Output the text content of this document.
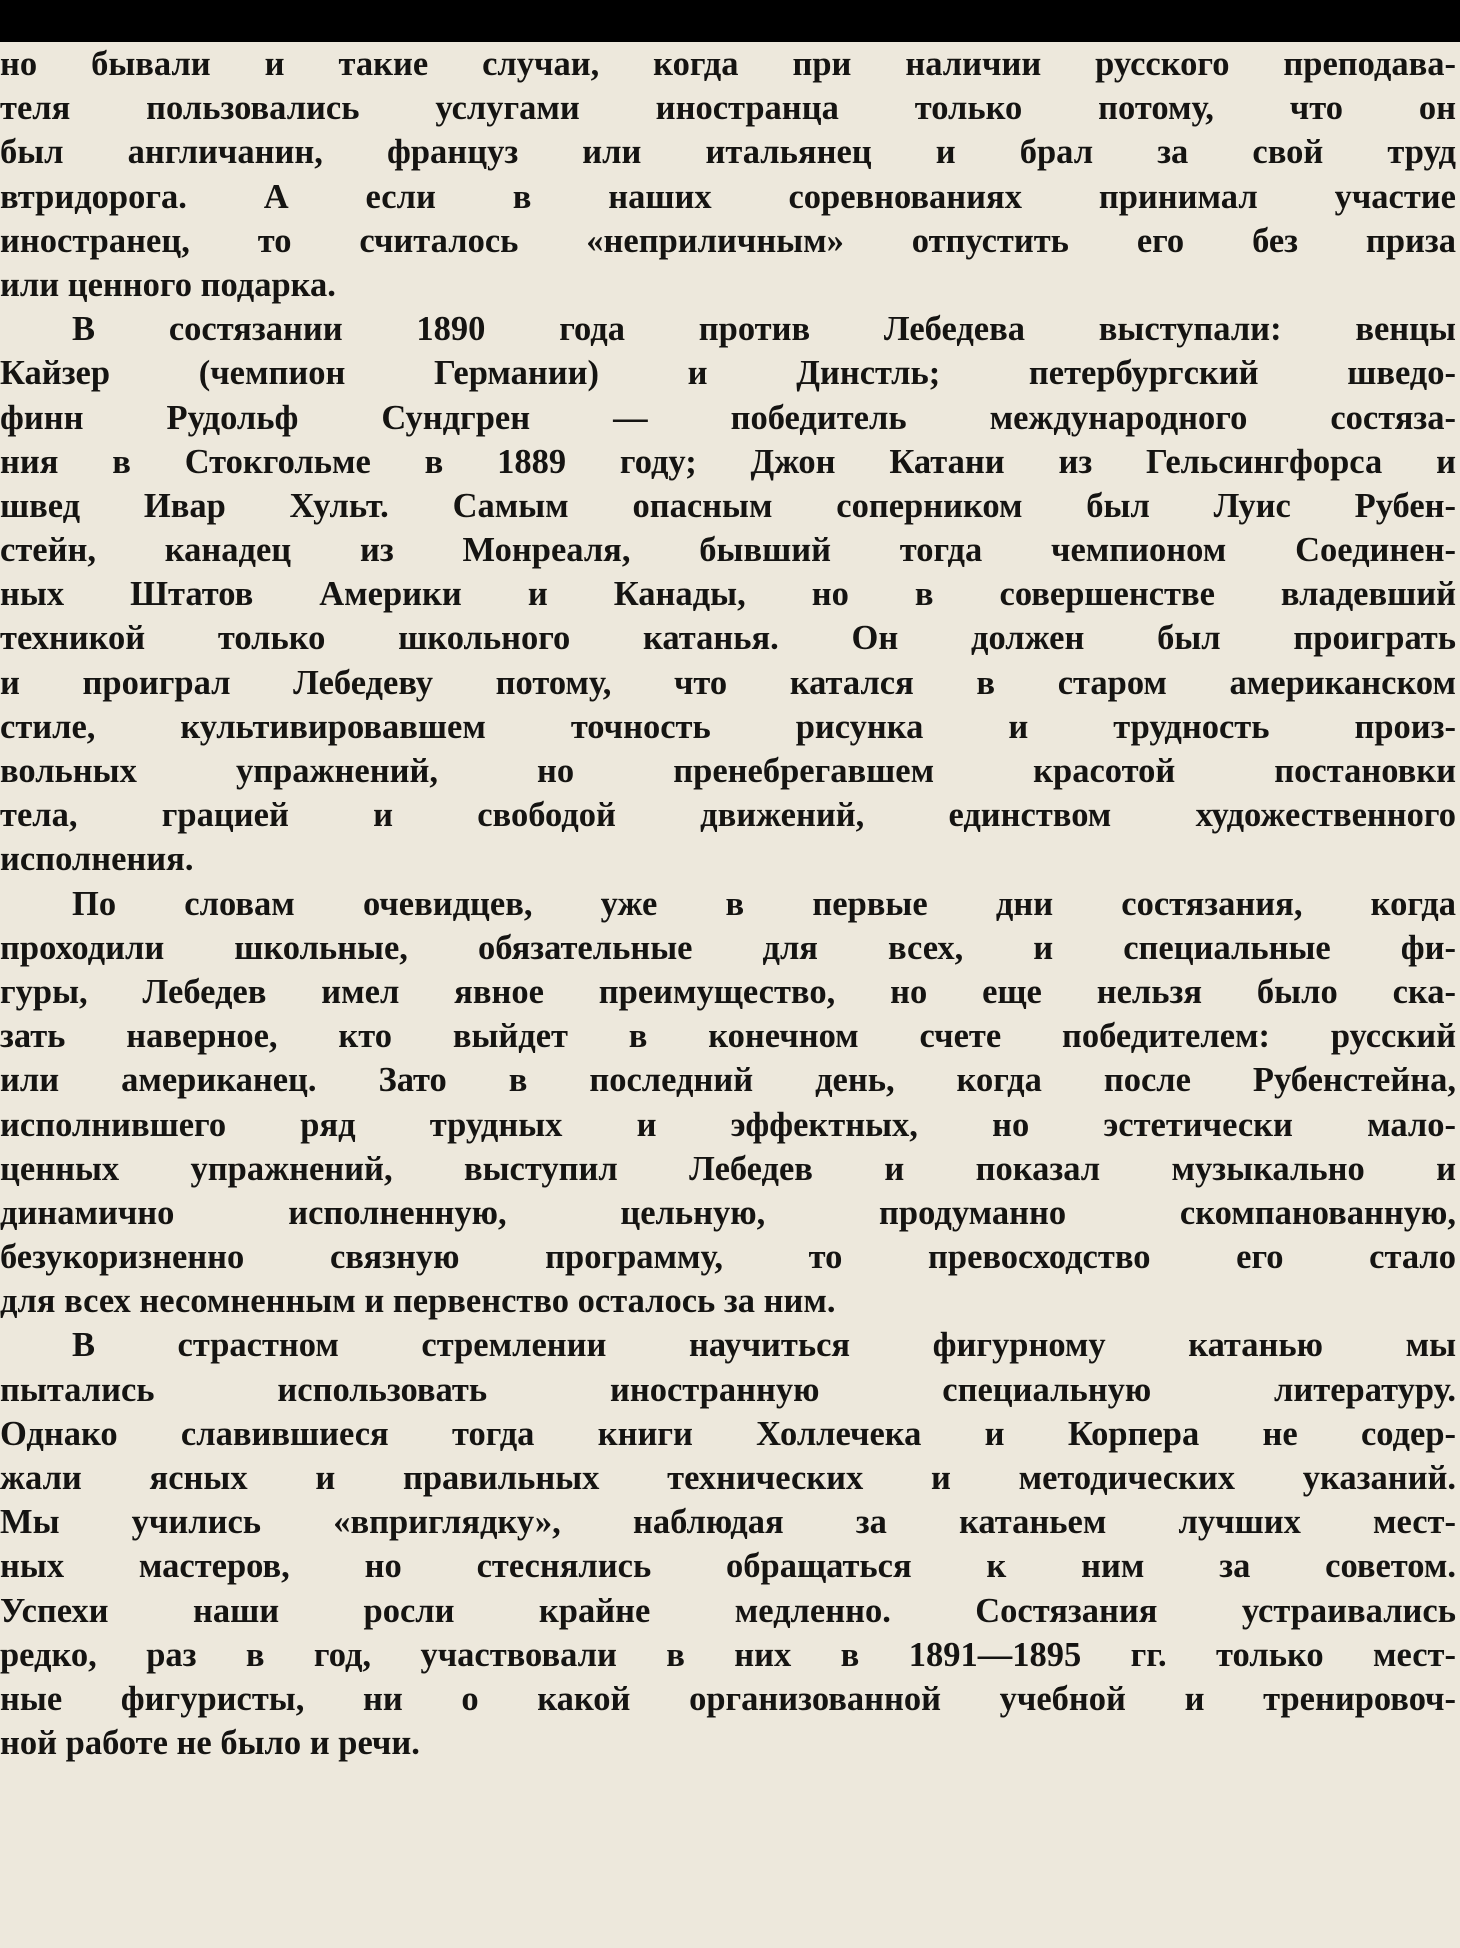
но бывали и такие случаи, когда при наличии русского преподава-
теля пользовались услугами иностранца только потому, что он
был англичанин, француз или итальянец и брал за свой труд
втридорога. А если в наших соревнованиях принимал участие
иностранец, то считалось «неприличным» отпустить его без приза
или ценного подарка.
В состязании 1890 года против Лебедева выступали: венцы
Кайзер (чемпион Германии) и Динстль; петербургский шведо-
финн Рудольф Сундгрен — победитель международного состяза-
ния в Стокгольме в 1889 году; Джон Катани из Гельсингфорса и
швед Ивар Хульт. Самым опасным соперником был Луис Рубен-
стейн, канадец из Монреаля, бывший тогда чемпионом Соединен-
ных Штатов Америки и Канады, но в совершенстве владевший
техникой только школьного катанья. Он должен был проиграть
и проиграл Лебедеву потому, что катался в старом американском
стиле, культивировавшем точность рисунка и трудность произ-
вольных упражнений, но пренебрегавшем красотой постановки
тела, грацией и свободой движений, единством художественного
исполнения.
По словам очевидцев, уже в первые дни состязания, когда
проходили школьные, обязательные для всех, и специальные фи-
гуры, Лебедев имел явное преимущество, но еще нельзя было ска-
зать наверное, кто выйдет в конечном счете победителем: русский
или американец. Зато в последний день, когда после Рубенстейна,
исполнившего ряд трудных и эффектных, но эстетически мало-
ценных упражнений, выступил Лебедев и показал музыкально и
динамично исполненную, цельную, продуманно скомпанованную,
безукоризненно связную программу, то превосходство его стало
для всех несомненным и первенство осталось за ним.
В страстном стремлении научиться фигурному катанью мы
пытались использовать иностранную специальную литературу.
Однако славившиеся тогда книги Холлечека и Корпера не содер-
жали ясных и правильных технических и методических указаний.
Мы учились «вприглядку», наблюдая за катаньем лучших мест-
ных мастеров, но стеснялись обращаться к ним за советом.
Успехи наши росли крайне медленно. Состязания устраивались
редко, раз в год, участвовали в них в 1891—1895 гг. только мест-
ные фигуристы, ни о какой организованной учебной и тренировоч-
ной работе не было и речи.
